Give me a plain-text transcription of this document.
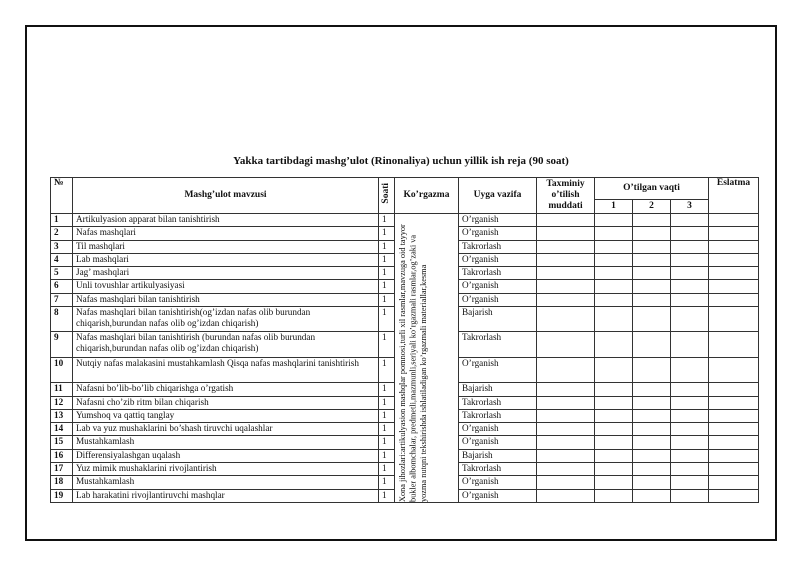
Yakka tartibdagi mashg’ulot (Rinonaliya) uchun yillik ish reja (90 soat)
№	Mashg’ulot mavzusi	Soati	Ko’rgazma	Uyga vazifa	Taxminiy o’tilish muddati	O’tilgan vaqti			Eslatma
						1	2	3	
1	Artikulyasion apparat bilan tanishtirish	1	Xona jihozlari:artikulyasion mashqlar pomnosi,turli xil rasmlar,mavzuga oid tayyor bukler albomchalar, predmetli,mazmunli,seriyali ko’rgazmali rasmlar,og’zaki va yozma nutqni tekshirishda ishlatiladigan ko’rgazmali materiallar,kesma	O’rganish					
2	Nafas mashqlari	1		O’rganish					
3	Til mashqlari	1		Takrorlash					
4	Lab mashqlari	1		O’rganish					
5	Jag’ mashqlari	1		Takrorlash					
6	Unli tovushlar artikulyasiyasi	1		O’rganish					
7	Nafas mashqlari bilan tanishtirish	1		O’rganish					
8	Nafas mashqlari bilan tanishtirish(og’izdan nafas olib burundan chiqarish,burundan nafas olib og’izdan chiqarish)	1		Bajarish					
9	Nafas mashqlari bilan tanishtirish (burundan nafas olib burundan chiqarish,burundan nafas olib og’izdan chiqarish)	1		Takrorlash					
10	Nutqiy nafas malakasini mustahkamlash Qisqa nafas mashqlarini tanishtirish	1		O’rganish					
11	Nafasni bo’lib-bo’lib chiqarishga o’rgatish	1		Bajarish					
12	Nafasni cho’zib ritm bilan chiqarish	1		Takrorlash					
13	Yumshoq va qattiq tanglay	1		Takrorlash					
14	Lab va yuz mushaklarini bo’shash tiruvchi uqalashlar	1		O’rganish					
15	Mustahkamlash	1		O’rganish					
16	Differensiyalashgan uqalash	1		Bajarish					
17	Yuz mimik mushaklarini rivojlantirish	1		Takrorlash					
18	Mustahkamlash	1		O’rganish					
19	Lab harakatini rivojlantiruvchi mashqlar	1		O’rganish					
